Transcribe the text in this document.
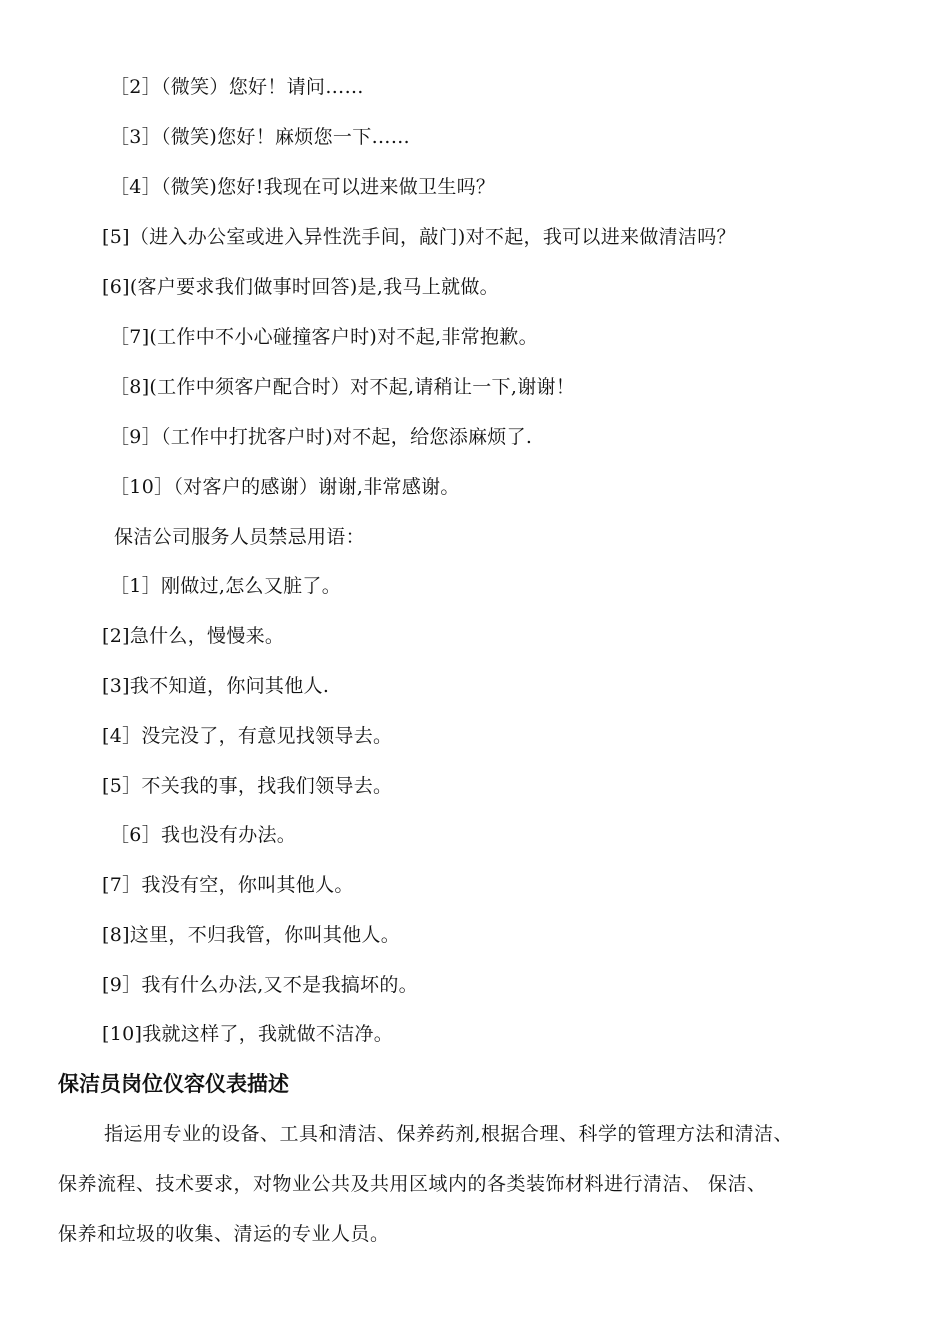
［2］（微笑）您好！请问……
［3］（微笑)您好！麻烦您一下……
［4］（微笑)您好!我现在可以进来做卫生吗？
[5]（进入办公室或进入异性洗手间，敲门)对不起，我可以进来做清洁吗？
[6](客户要求我们做事时回答)是,我马上就做。
［7](工作中不小心碰撞客户时)对不起,非常抱歉。
［8](工作中须客户配合时）对不起,请稍让一下,谢谢！
［9］（工作中打扰客户时)对不起，给您添麻烦了.
［10］（对客户的感谢）谢谢,非常感谢。
保洁公司服务人员禁忌用语：
［1］刚做过,怎么又脏了。
[2]急什么，慢慢来。
[3]我不知道，你问其他人.
[4］没完没了，有意见找领导去。
[5］不关我的事，找我们领导去。
［6］我也没有办法。
[7］我没有空，你叫其他人。
[8]这里，不归我管，你叫其他人。
[9］我有什么办法,又不是我搞坏的。
[10]我就这样了，我就做不洁净。
保洁员岗位仪容仪表描述
指运用专业的设备、工具和清洁、保养药剂,根据合理、科学的管理方法和清洁、
保养流程、技术要求，对物业公共及共用区域内的各类装饰材料进行清洁、 保洁、
保养和垃圾的收集、清运的专业人员。
